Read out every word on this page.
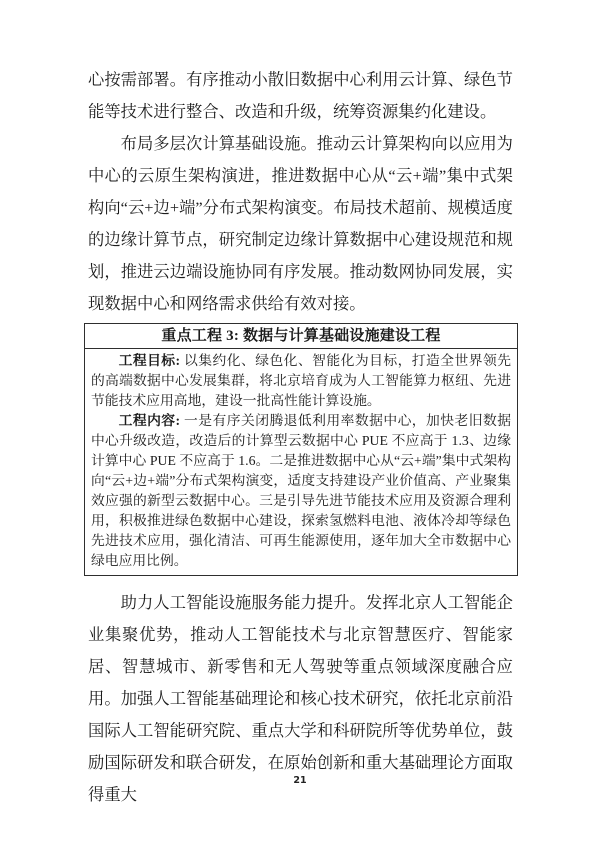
心按需部署。有序推动小散旧数据中心利用云计算、绿色节能等技术进行整合、改造和升级，统筹资源集约化建设。

布局多层次计算基础设施。推动云计算架构向以应用为中心的云原生架构演进，推进数据中心从“云+端”集中式架构向“云+边+端”分布式架构演变。布局技术超前、规模适度的边缘计算节点，研究制定边缘计算数据中心建设规范和规划，推进云边端设施协同有序发展。推动数网协同发展，实现数据中心和网络需求供给有效对接。

重点工程 3: 数据与计算基础设施建设工程

工程目标: 以集约化、绿色化、智能化为目标，打造全世界领先的高端数据中心发展集群，将北京培育成为人工智能算力枢纽、先进节能技术应用高地，建设一批高性能计算设施。

工程内容: 一是有序关闭腾退低利用率数据中心，加快老旧数据中心升级改造，改造后的计算型云数据中心 PUE 不应高于 1.3、边缘计算中心 PUE 不应高于 1.6。二是推进数据中心从“云+端”集中式架构向“云+边+端”分布式架构演变，适度支持建设产业价值高、产业聚集效应强的新型云数据中心。三是引导先进节能技术应用及资源合理利用，积极推进绿色数据中心建设，探索氢燃料电池、液体冷却等绿色先进技术应用，强化清洁、可再生能源使用，逐年加大全市数据中心绿电应用比例。

助力人工智能设施服务能力提升。发挥北京人工智能企业集聚优势，推动人工智能技术与北京智慧医疗、智能家居、智慧城市、新零售和无人驾驶等重点领域深度融合应用。加强人工智能基础理论和核心技术研究，依托北京前沿国际人工智能研究院、重点大学和科研院所等优势单位，鼓励国际研发和联合研发，在原始创新和重大基础理论方面取得重大

21
